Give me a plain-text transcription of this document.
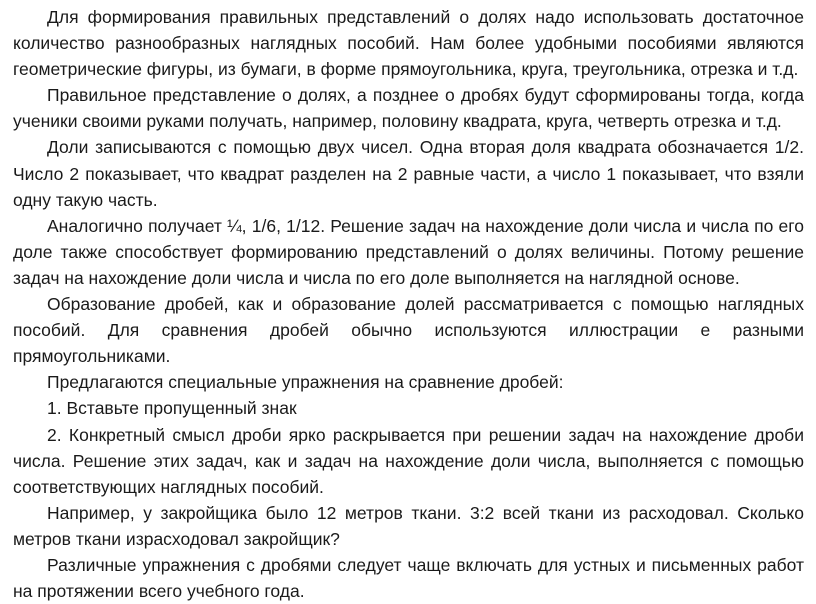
Для формирования правильных представлений о долях надо использовать достаточное количество разнообразных наглядных пособий. Нам более удобными пособиями являются геометрические фигуры, из бумаги, в форме прямоугольника, круга, треугольника, отрезка и т.д.

Правильное представление о долях, а позднее о дробях будут сформированы тогда, когда ученики своими руками получать, например, половину квадрата, круга, четверть отрезка и т.д.

Доли записываются с помощью двух чисел. Одна вторая доля квадрата обозначается 1/2. Число 2 показывает, что квадрат разделен на 2 равные части, а число 1 показывает, что взяли одну такую часть.

Аналогично получает ¼, 1/6, 1/12. Решение задач на нахождение доли числа и числа по его доле также способствует формированию представлений о долях величины. Потому решение задач на нахождение доли числа и числа по его доле выполняется на наглядной основе.

Образование дробей, как и образование долей рассматривается с помощью наглядных пособий. Для сравнения дробей обычно используются иллюстрации е разными прямоугольниками.

Предлагаются специальные упражнения на сравнение дробей:

1. Вставьте пропущенный знак

2. Конкретный смысл дроби ярко раскрывается при решении задач на нахождение дроби числа. Решение этих задач, как и задач на нахождение доли числа, выполняется с помощью соответствующих наглядных пособий.

Например, у закройщика было 12 метров ткани. 3:2 всей ткани из расходовал. Сколько метров ткани израсходовал закройщик?

Различные упражнения с дробями следует чаще включать для устных и письменных работ на протяжении всего учебного года.
